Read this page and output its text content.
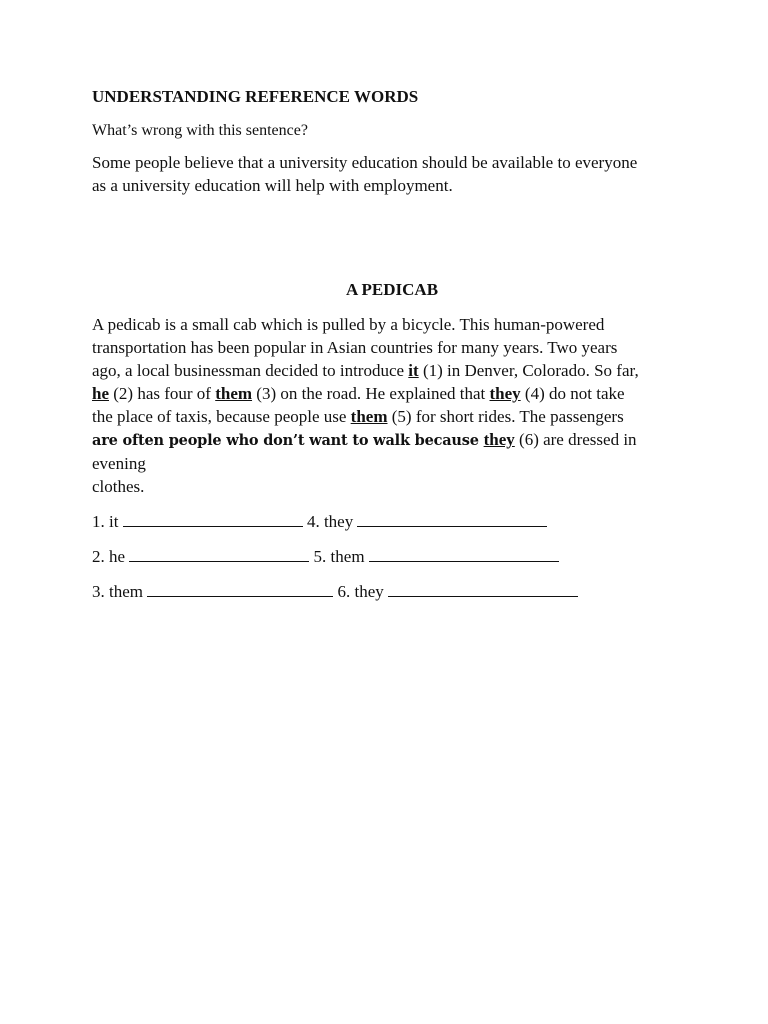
UNDERSTANDING REFERENCE WORDS

What’s wrong with this sentence?

Some people believe that a university education should be available to everyone
as a university education will help with employment.

A PEDICAB

A pedicab is a small cab which is pulled by a bicycle. This human-powered
transportation has been popular in Asian countries for many years. Two years
ago, a local businessman decided to introduce it (1) in Denver, Colorado. So far,
he (2) has four of them (3) on the road. He explained that they (4) do not take
the place of taxis, because people use them (5) for short rides. The passengers
are often people who don’t want to walk because they (6) are dressed in evening
clothes.

1. it	4. they

2. he	5. them

3. them	6. they
